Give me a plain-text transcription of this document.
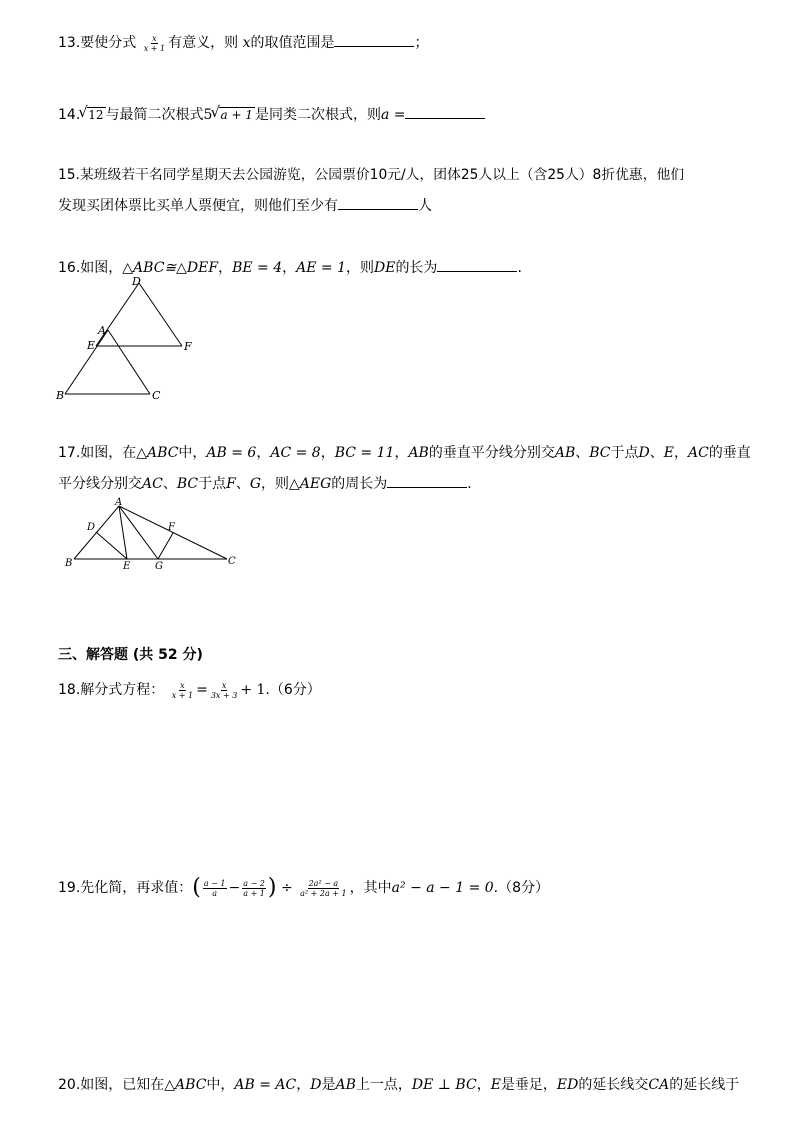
13.要使分式 $\frac{x}{x + 1}$ 有意义，则 x的取值范围是	；
14. √ 12 与最简二次根式5 √ a + 1 是同类二次根式，则a =
15.某班级若干名同学星期天去公园游览，公园票价10元/人，团体25人以上（含25人）8折优惠，他们
发现买团体票比买单人票便宜，则他们至少有	人
16.如图，△ABC≅△DEF，BE = 4，AE = 1，则DE的长为	.
D
A
E	F
B	C
17.如图，在△ABC中，AB = 6，AC = 8，BC = 11，AB的垂直平分线分别交AB、BC于点D、E，AC的垂直
平分线分别交AC、BC于点F、G，则△AEG的周长为	.
A
D	F
B	E G	C
三、解答题 (共 52 分)
18.解分式方程： $\frac{x}{x + 1} = \frac{x}{3x + 3} + 1.(6$分）
19.先化简，再求值：( $\frac{a - 1}{a} - \frac{a - 2}{a + 1}$ ) ÷ $\frac{\text{2a² − a}}{\text{a² + 2a + 1}}$ ，其中a² − a − 1 = 0.（8分）
20.如图，已知在△ABC中，AB = AC，D是AB上一点，DE ⊥ BC，E是垂足，ED的延长线交CA的延长线于
